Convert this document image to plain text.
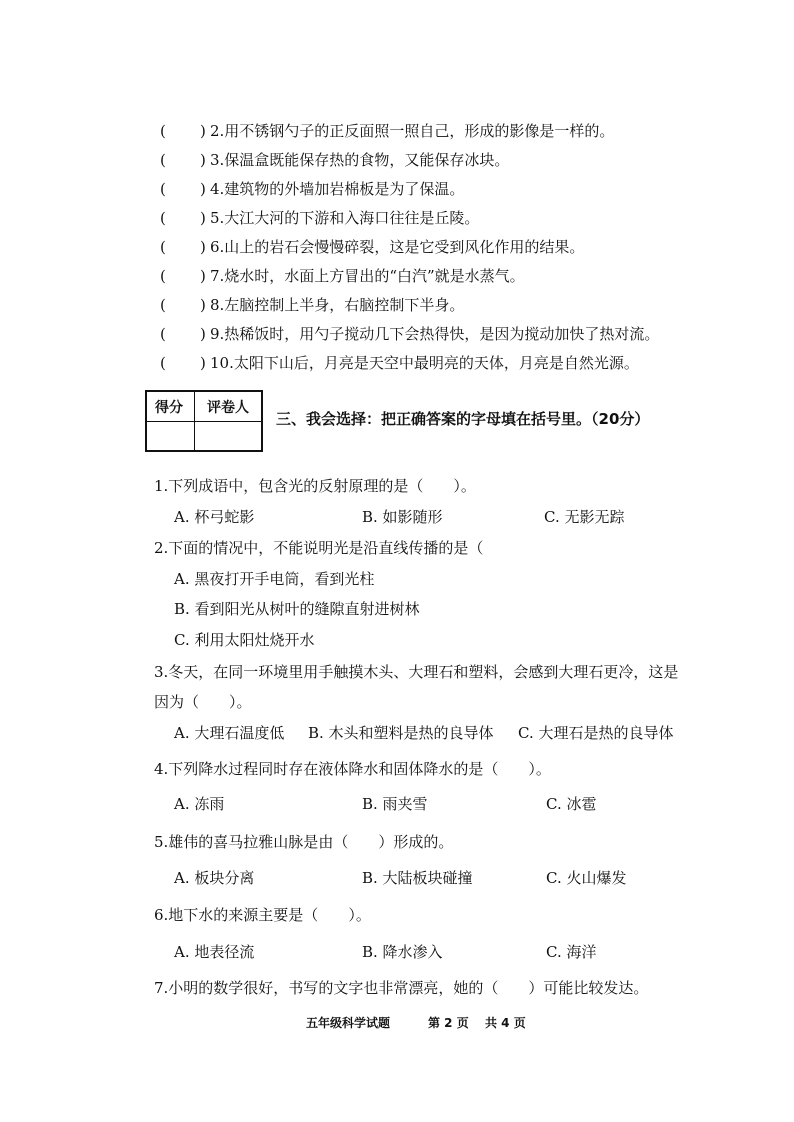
( ) 2.用不锈钢勺子的正反面照一照自己，形成的影像是一样的。
( ) 3.保温盒既能保存热的食物，又能保存冰块。
( ) 4.建筑物的外墙加岩棉板是为了保温。
( ) 5.大江大河的下游和入海口往往是丘陵。
( ) 6.山上的岩石会慢慢碎裂，这是它受到风化作用的结果。
( ) 7.烧水时，水面上方冒出的“白汽”就是水蒸气。
( ) 8.左脑控制上半身，右脑控制下半身。
( ) 9.热稀饭时，用勺子搅动几下会热得快，是因为搅动加快了热对流。
( ) 10.太阳下山后，月亮是天空中最明亮的天体，月亮是自然光源。
得分 评卷人
三、我会选择：把正确答案的字母填在括号里。（20分）
1.下列成语中，包含光的反射原理的是（　　）。
A. 杯弓蛇影	B. 如影随形	C. 无影无踪
2.下面的情况中，不能说明光是沿直线传播的是（
A. 黑夜打开手电筒，看到光柱
B. 看到阳光从树叶的缝隙直射进树林
C. 利用太阳灶烧开水
3.冬天，在同一环境里用手触摸木头、大理石和塑料，会感到大理石更冷，这是
因为（　　）。
A. 大理石温度低 B. 木头和塑料是热的良导体 C. 大理石是热的良导体
4.下列降水过程同时存在液体降水和固体降水的是（　　）。
A. 冻雨	B. 雨夹雪	C. 冰雹
5.雄伟的喜马拉雅山脉是由（　　）形成的。
A. 板块分离	B. 大陆板块碰撞	C. 火山爆发
6.地下水的来源主要是（　　）。
A. 地表径流	B. 降水渗入	C. 海洋
7.小明的数学很好，书写的文字也非常漂亮，她的（　　）可能比较发达。
五年级科学试题	第 2 页 共 4 页
